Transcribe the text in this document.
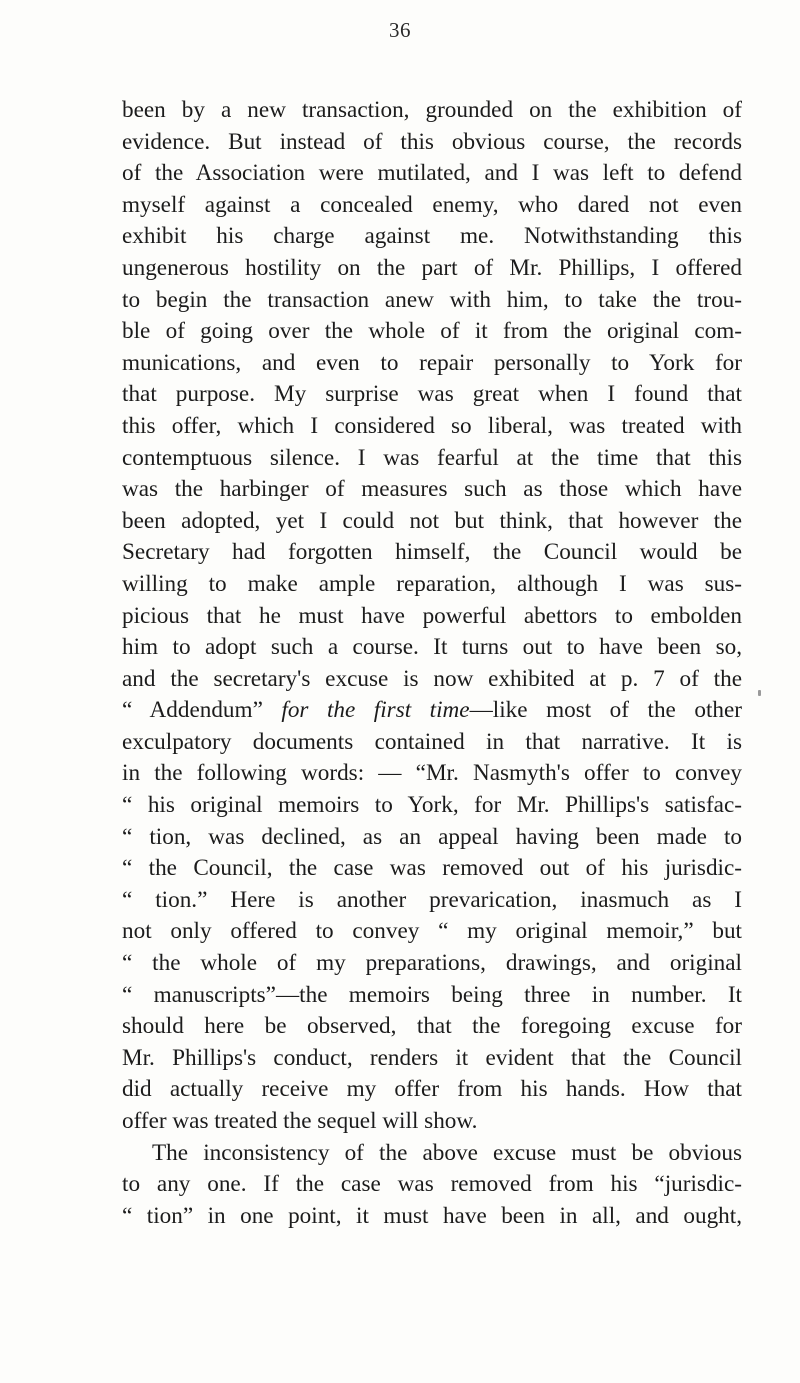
36
been by a new transaction, grounded on the exhibition of
evidence. But instead of this obvious course, the records
of the Association were mutilated, and I was left to defend
myself against a concealed enemy, who dared not even
exhibit his charge against me. Notwithstanding this
ungenerous hostility on the part of Mr. Phillips, I offered
to begin the transaction anew with him, to take the trou-
ble of going over the whole of it from the original com-
munications, and even to repair personally to York for
that purpose. My surprise was great when I found that
this offer, which I considered so liberal, was treated with
contemptuous silence. I was fearful at the time that this
was the harbinger of measures such as those which have
been adopted, yet I could not but think, that however the
Secretary had forgotten himself, the Council would be
willing to make ample reparation, although I was sus-
picious that he must have powerful abettors to embolden
him to adopt such a course. It turns out to have been so,
and the secretary's excuse is now exhibited at p. 7 of the
“ Addendum” for the first time—like most of the other
exculpatory documents contained in that narrative. It is
in the following words: — “Mr. Nasmyth's offer to convey
“ his original memoirs to York, for Mr. Phillips's satisfac-
“ tion, was declined, as an appeal having been made to
“ the Council, the case was removed out of his jurisdic-
“ tion.” Here is another prevarication, inasmuch as I
not only offered to convey “ my original memoir,” but
“ the whole of my preparations, drawings, and original
“ manuscripts”—the memoirs being three in number. It
should here be observed, that the foregoing excuse for
Mr. Phillips's conduct, renders it evident that the Council
did actually receive my offer from his hands. How that
offer was treated the sequel will show.
The inconsistency of the above excuse must be obvious
to any one. If the case was removed from his “jurisdic-
“ tion” in one point, it must have been in all, and ought,
